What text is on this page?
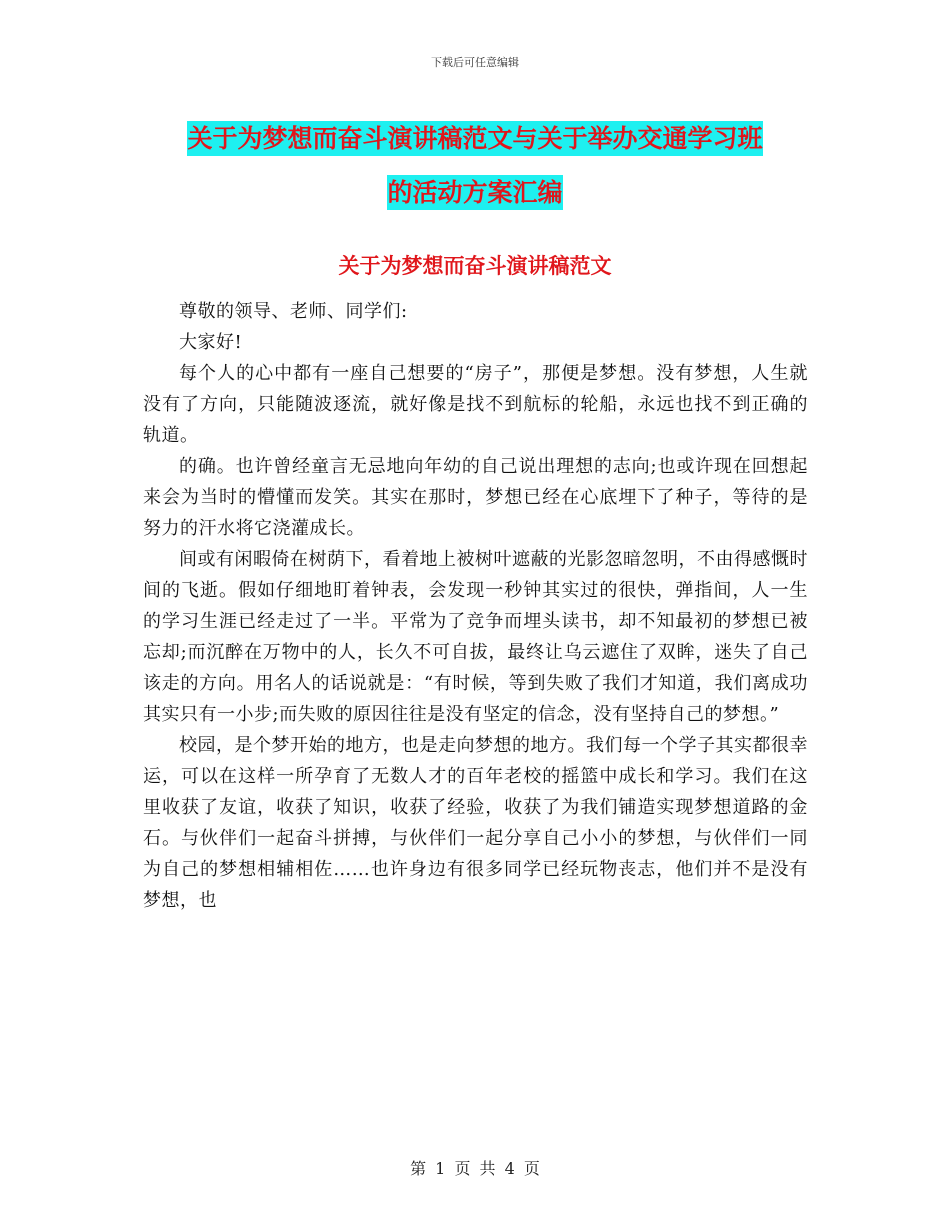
下载后可任意编辑
关于为梦想而奋斗演讲稿范文与关于举办交通学习班
的活动方案汇编
关于为梦想而奋斗演讲稿范文

尊敬的领导、老师、同学们:

大家好!

每个人的心中都有一座自己想要的“房子”，那便是梦想。没有梦想，人生就没有了方向，只能随波逐流，就好像是找不到航标的轮船，永远也找不到正确的轨道。

的确。也许曾经童言无忌地向年幼的自己说出理想的志向;也或许现在回想起来会为当时的懵懂而发笑。其实在那时，梦想已经在心底埋下了种子，等待的是努力的汗水将它浇灌成长。

间或有闲暇倚在树荫下，看着地上被树叶遮蔽的光影忽暗忽明，不由得感慨时间的飞逝。假如仔细地盯着钟表，会发现一秒钟其实过的很快，弹指间，人一生的学习生涯已经走过了一半。平常为了竞争而埋头读书，却不知最初的梦想已被忘却;而沉醉在万物中的人，长久不可自拔，最终让乌云遮住了双眸，迷失了自己该走的方向。用名人的话说就是：“有时候，等到失败了我们才知道，我们离成功其实只有一小步;而失败的原因往往是没有坚定的信念，没有坚持自己的梦想。”

校园，是个梦开始的地方，也是走向梦想的地方。我们每一个学子其实都很幸运，可以在这样一所孕育了无数人才的百年老校的摇篮中成长和学习。我们在这里收获了友谊，收获了知识，收获了经验，收获了为我们铺造实现梦想道路的金石。与伙伴们一起奋斗拼搏，与伙伴们一起分享自己小小的梦想，与伙伴们一同为自己的梦想相辅相佐……也许身边有很多同学已经玩物丧志，他们并不是没有梦想，也

第 1 页 共 4 页
